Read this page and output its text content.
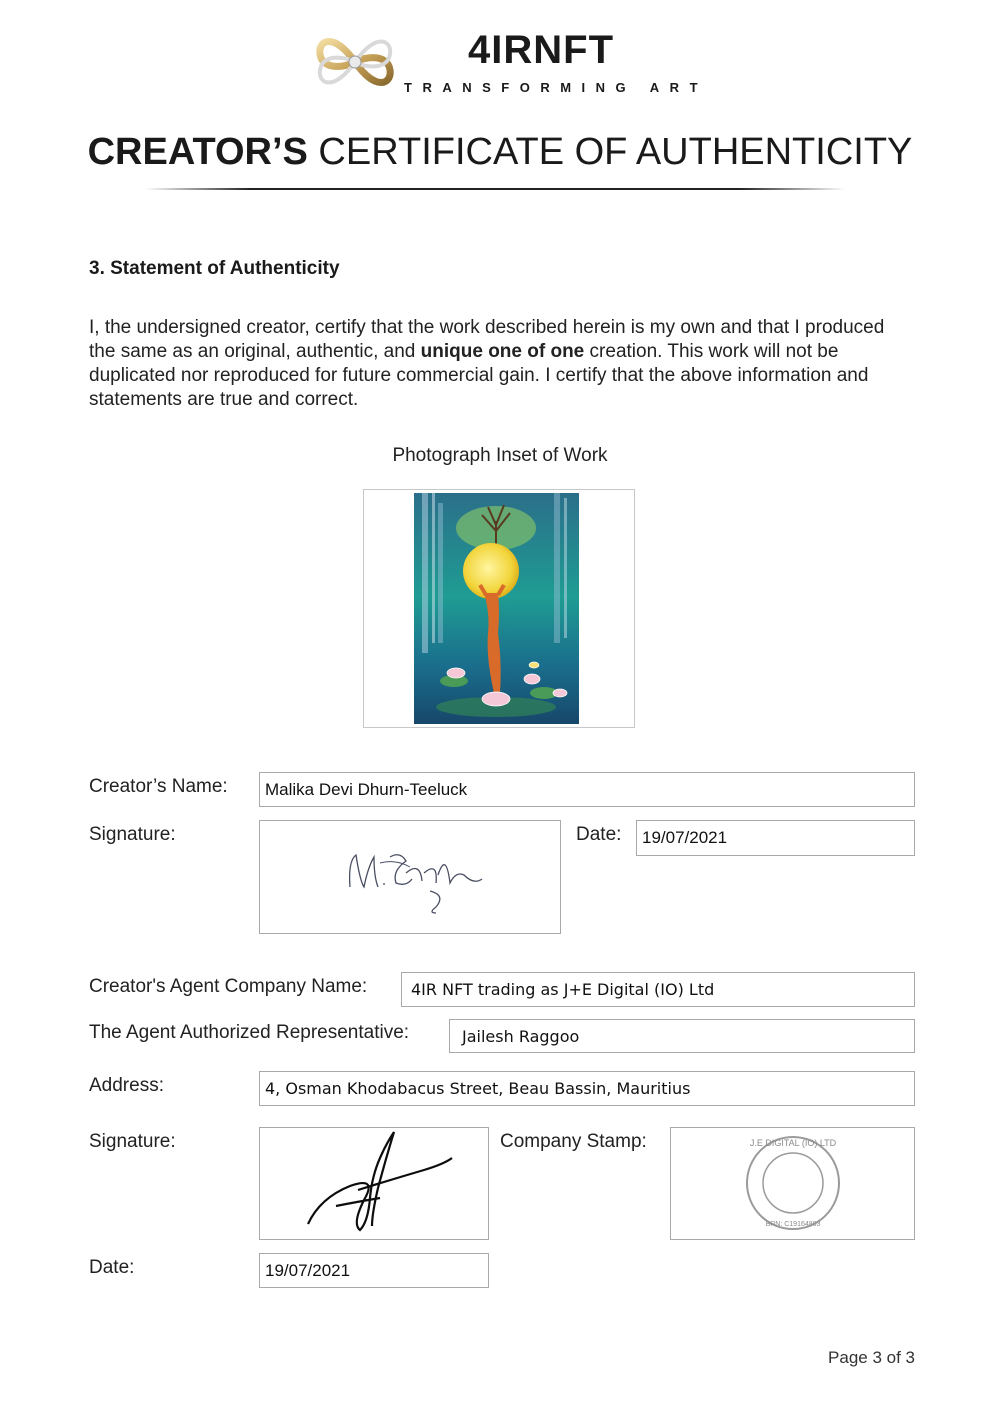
4IRNFT
TRANSFORMING ART
CREATOR’S CERTIFICATE OF AUTHENTICITY
3. Statement of Authenticity
I, the undersigned creator, certify that the work described herein is my own and that I produced the same as an original, authentic, and unique one of one creation. This work will not be duplicated nor reproduced for future commercial gain. I certify that the above information and statements are true and correct.
Photograph Inset of Work
Creator’s Name:	Malika Devi Dhurn-Teeluck
Signature:	Date:	19/07/2021
Creator's Agent Company Name:	4IR NFT trading as J+E Digital (IO) Ltd
The Agent Authorized Representative:	Jailesh Raggoo
Address:	4, Osman Khodabacus Street, Beau Bassin, Mauritius
Signature:	Company Stamp:	J.E DIGITAL (IO) LTD
BRN: C19164803
Date:	19/07/2021
Page 3 of 3
